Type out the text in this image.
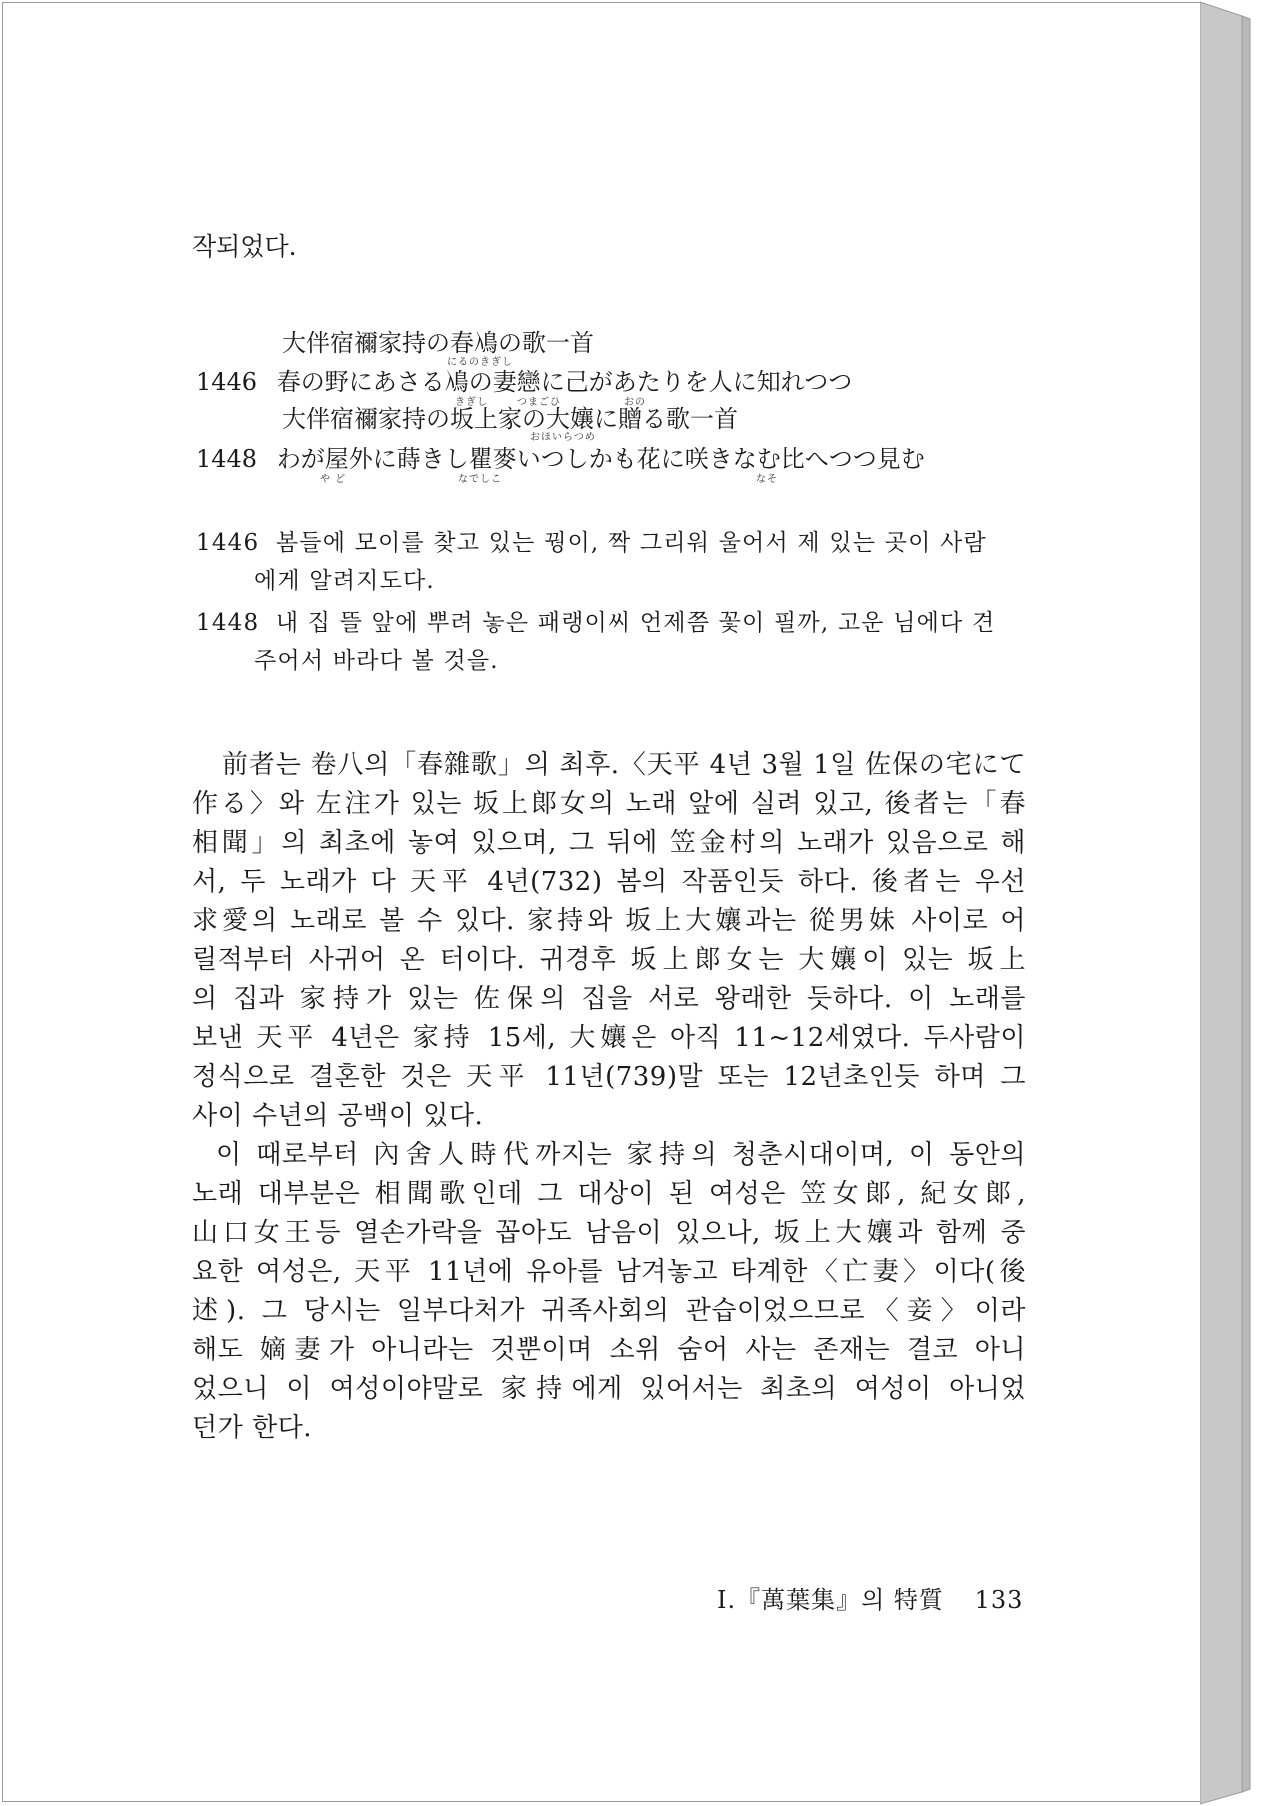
작되었다.
大伴宿禰家持の春鳰の歌一首
にるのきぎし
1446 春の野にあさる鳰の妻戀に己があたりを人に知れつつ
きぎし	つまごひ	おの
大伴宿禰家持の坂上家の大孃に贈る歌一首
おほいらつめ
1448 わが屋外に蒔きし瞿麥いつしかも花に咲きなむ比へつつ見む
や ど	なでしこ	なそ
1446 봄들에 모이를 찾고 있는 꿩이, 짝 그리워 울어서 제 있는 곳이 사람
에게 알려지도다.
1448 내 집 뜰 앞에 뿌려 놓은 패랭이씨 언제쯤 꽃이 필까, 고운 님에다 견
주어서 바라다 볼 것을.
前者는 卷八의「春雜歌」의 최후.〈天平 4년 3월 1일 佐保の宅にて
作る〉와 左注가 있는 坂上郞女의 노래 앞에 실려 있고, 後者는「春
相聞」의 최초에 놓여 있으며, 그 뒤에 笠金村의 노래가 있음으로 해
서, 두 노래가 다 天平 4년(732) 봄의 작품인듯 하다. 後者는 우선
求愛의 노래로 볼 수 있다. 家持와 坂上大孃과는 從男妹 사이로 어
릴적부터 사귀어 온 터이다. 귀경후 坂上郞女는 大孃이 있는 坂上
의 집과 家持가 있는 佐保의 집을 서로 왕래한 듯하다. 이 노래를
보낸 天平 4년은 家持 15세, 大孃은 아직 11~12세였다. 두사람이
정식으로 결혼한 것은 天平 11년(739)말 또는 12년초인듯 하며 그
사이 수년의 공백이 있다.
이 때로부터 內舍人時代까지는 家持의 청춘시대이며, 이 동안의
노래 대부분은 相聞歌인데 그 대상이 된 여성은 笠女郞, 紀女郞,
山口女王등 열손가락을 꼽아도 남음이 있으나, 坂上大孃과 함께 중
요한 여성은, 天平 11년에 유아를 남겨놓고 타계한〈亡妻〉이다(後
述). 그 당시는 일부다처가 귀족사회의 관습이었으므로〈妾〉이라
해도 嫡妻가 아니라는 것뿐이며 소위 숨어 사는 존재는 결코 아니
었으니 이 여성이야말로 家持에게 있어서는 최초의 여성이 아니었
던가 한다.
I.『萬葉集』의 特質 133
